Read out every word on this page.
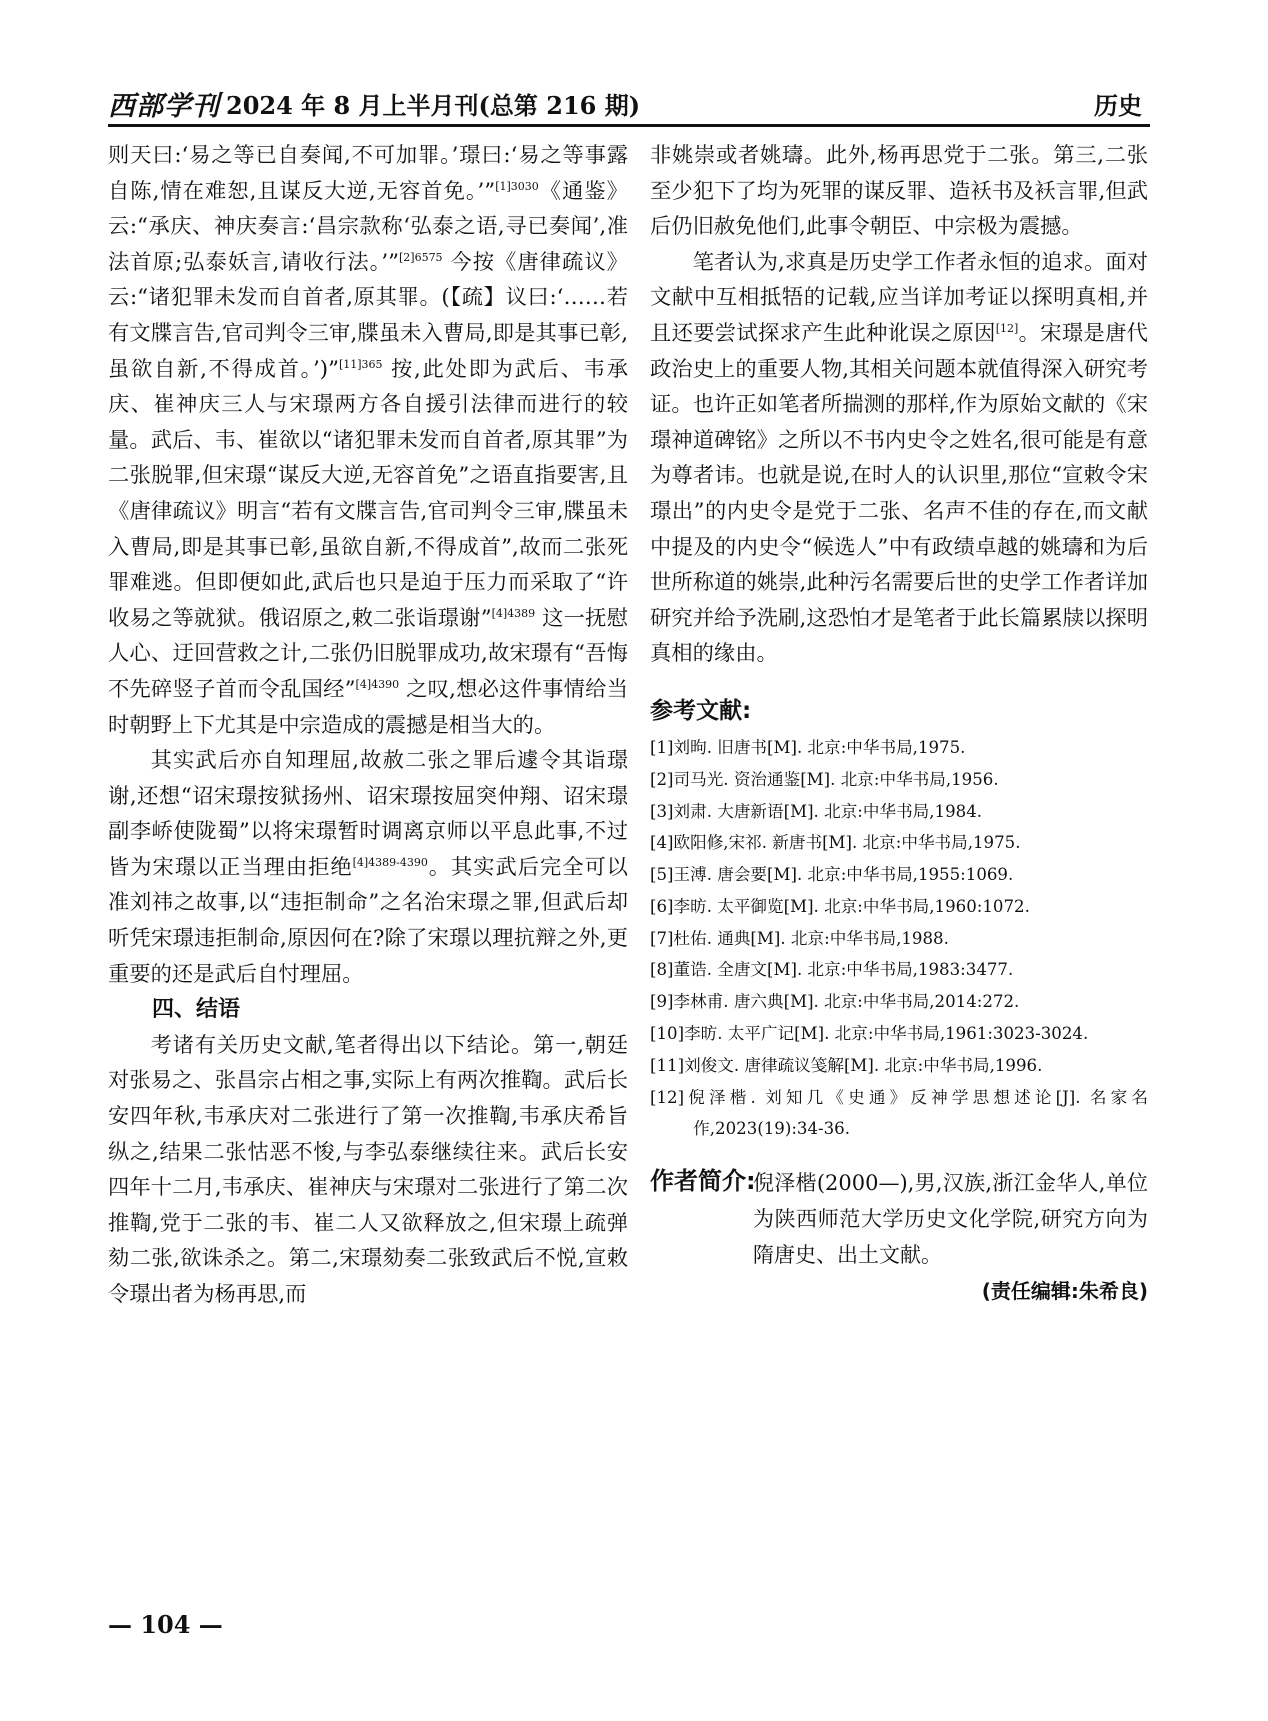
西部学刊 2024 年 8 月上半月刊(总第 216 期)	历史

则天曰:‘易之等已自奏闻,不可加罪。’璟曰:‘易之等事露自陈,情在难恕,且谋反大逆,无容首免。’”$^{[1]3030}$《通鉴》云:“承庆、神庆奏言:‘昌宗款称‘弘泰之语,寻已奏闻’,准法首原;弘泰妖言,请收行法。’”$^{[2]6575}$ 今按《唐律疏议》云:“诸犯罪未发而自首者,原其罪。(【疏】议曰:‘……若有文牒言告,官司判令三审,牒虽未入曹局,即是其事已彰,虽欲自新,不得成首。’)”$^{[11]365}$ 按,此处即为武后、韦承庆、崔神庆三人与宋璟两方各自援引法律而进行的较量。武后、韦、崔欲以“诸犯罪未发而自首者,原其罪”为二张脱罪,但宋璟“谋反大逆,无容首免”之语直指要害,且《唐律疏议》明言“若有文牒言告,官司判令三审,牒虽未入曹局,即是其事已彰,虽欲自新,不得成首”,故而二张死罪难逃。但即便如此,武后也只是迫于压力而采取了“许收易之等就狱。俄诏原之,敕二张诣璟谢”$^{[4]4389}$ 这一抚慰人心、迂回营救之计,二张仍旧脱罪成功,故宋璟有“吾悔不先碎竖子首而令乱国经”$^{[4]4390}$ 之叹,想必这件事情给当时朝野上下尤其是中宗造成的震撼是相当大的。

其实武后亦自知理屈,故赦二张之罪后遽令其诣璟谢,还想“诏宋璟按狱扬州、诏宋璟按屈突仲翔、诏宋璟副李峤使陇蜀”以将宋璟暂时调离京师以平息此事,不过皆为宋璟以正当理由拒绝$^{[4]4389-4390}$。其实武后完全可以准刘祎之故事,以“违拒制命”之名治宋璟之罪,但武后却听凭宋璟违拒制命,原因何在?除了宋璟以理抗辩之外,更重要的还是武后自忖理屈。

四、结语

考诸有关历史文献,笔者得出以下结论。第一,朝廷对张易之、张昌宗占相之事,实际上有两次推鞫。武后长安四年秋,韦承庆对二张进行了第一次推鞫,韦承庆希旨纵之,结果二张怙恶不悛,与李弘泰继续往来。武后长安四年十二月,韦承庆、崔神庆与宋璟对二张进行了第二次推鞫,党于二张的韦、崔二人又欲释放之,但宋璟上疏弹劾二张,欲诛杀之。第二,宋璟劾奏二张致武后不悦,宣敕令璟出者为杨再思,而

非姚崇或者姚璹。此外,杨再思党于二张。第三,二张至少犯下了均为死罪的谋反罪、造袄书及袄言罪,但武后仍旧赦免他们,此事令朝臣、中宗极为震撼。

笔者认为,求真是历史学工作者永恒的追求。面对文献中互相抵牾的记载,应当详加考证以探明真相,并且还要尝试探求产生此种讹误之原因[12]。宋璟是唐代政治史上的重要人物,其相关问题本就值得深入研究考证。也许正如笔者所揣测的那样,作为原始文献的《宋璟神道碑铭》之所以不书内史令之姓名,很可能是有意为尊者讳。也就是说,在时人的认识里,那位“宣敕令宋璟出”的内史令是党于二张、名声不佳的存在,而文献中提及的内史令“候选人”中有政绩卓越的姚璹和为后世所称道的姚崇,此种污名需要后世的史学工作者详加研究并给予洗刷,这恐怕才是笔者于此长篇累牍以探明真相的缘由。

参考文献:
[1]刘昫. 旧唐书[M]. 北京:中华书局,1975.
[2]司马光. 资治通鉴[M]. 北京:中华书局,1956.
[3]刘肃. 大唐新语[M]. 北京:中华书局,1984.
[4]欧阳修,宋祁. 新唐书[M]. 北京:中华书局,1975.
[5]王溥. 唐会要[M]. 北京:中华书局,1955:1069.
[6]李昉. 太平御览[M]. 北京:中华书局,1960:1072.
[7]杜佑. 通典[M]. 北京:中华书局,1988.
[8]董诰. 全唐文[M]. 北京:中华书局,1983:3477.
[9]李林甫. 唐六典[M]. 北京:中华书局,2014:272.
[10]李昉. 太平广记[M]. 北京:中华书局,1961:3023-3024.
[11]刘俊文. 唐律疏议笺解[M]. 北京:中华书局,1996.
[12]倪泽楷. 刘知几《史通》反神学思想述论[J]. 名家名作,2023(19):34-36.
作者简介:
倪泽楷(2000—),男,汉族,浙江金华人,单位为陕西师范大学历史文化学院,研究方向为隋唐史、出土文献。
(责任编辑:朱希良)
— 104 —
